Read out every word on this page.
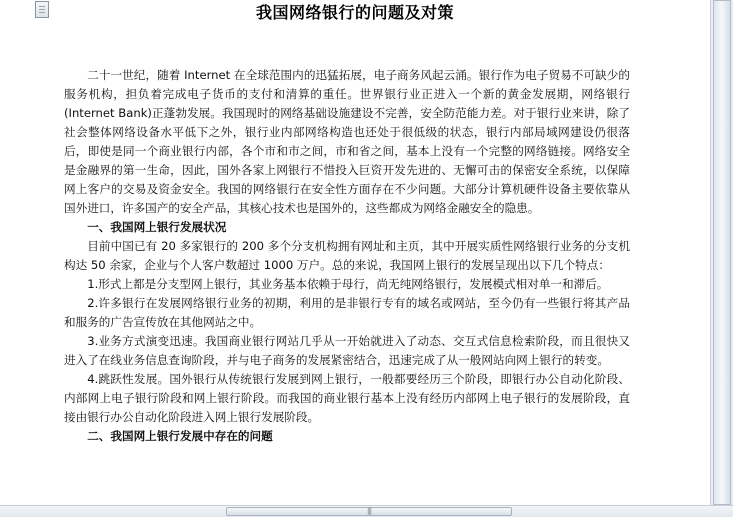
我国网络银行的问题及对策

二十一世纪，随着 Internet 在全球范围内的迅猛拓展，电子商务风起云涌。银行作为电子贸易不可缺少的服务机构，担负着完成电子货币的支付和清算的重任。世界银行业正进入一个新的黄金发展期，网络银行(Internet Bank)正蓬勃发展。我国现时的网络基础设施建设不完善，安全防范能力差。对于银行业来讲，除了社会整体网络设备水平低下之外，银行业内部网络构造也还处于很低级的状态，银行内部局域网建设仍很落后，即使是同一个商业银行内部，各个市和市之间，市和省之间，基本上没有一个完整的网络链接。网络安全是金融界的第一生命，因此，国外各家上网银行不惜投入巨资开发先进的、无懈可击的保密安全系统，以保障网上客户的交易及资金安全。我国的网络银行在安全性方面存在不少问题。大部分计算机硬件设备主要依靠从国外进口，许多国产的安全产品，其核心技术也是国外的，这些都成为网络金融安全的隐患。

一、我国网上银行发展状况

目前中国已有 20 多家银行的 200 多个分支机构拥有网址和主页，其中开展实质性网络银行业务的分支机构达 50 余家，企业与个人客户数超过 1000 万户。总的来说，我国网上银行的发展呈现出以下几个特点：

1.形式上都是分支型网上银行，其业务基本依赖于母行，尚无纯网络银行，发展模式相对单一和滞后。

2.许多银行在发展网络银行业务的初期，利用的是非银行专有的域名或网站，至今仍有一些银行将其产品和服务的广告宣传放在其他网站之中。

3.业务方式演变迅速。我国商业银行网站几乎从一开始就进入了动态、交互式信息检索阶段，而且很快又进入了在线业务信息查询阶段，并与电子商务的发展紧密结合，迅速完成了从一般网站向网上银行的转变。

4.跳跃性发展。国外银行从传统银行发展到网上银行，一般都要经历三个阶段，即银行办公自动化阶段、内部网上电子银行阶段和网上银行阶段。而我国的商业银行基本上没有经历内部网上电子银行的发展阶段，直接由银行办公自动化阶段进入网上银行发展阶段。

二、我国网上银行发展中存在的问题

|||
